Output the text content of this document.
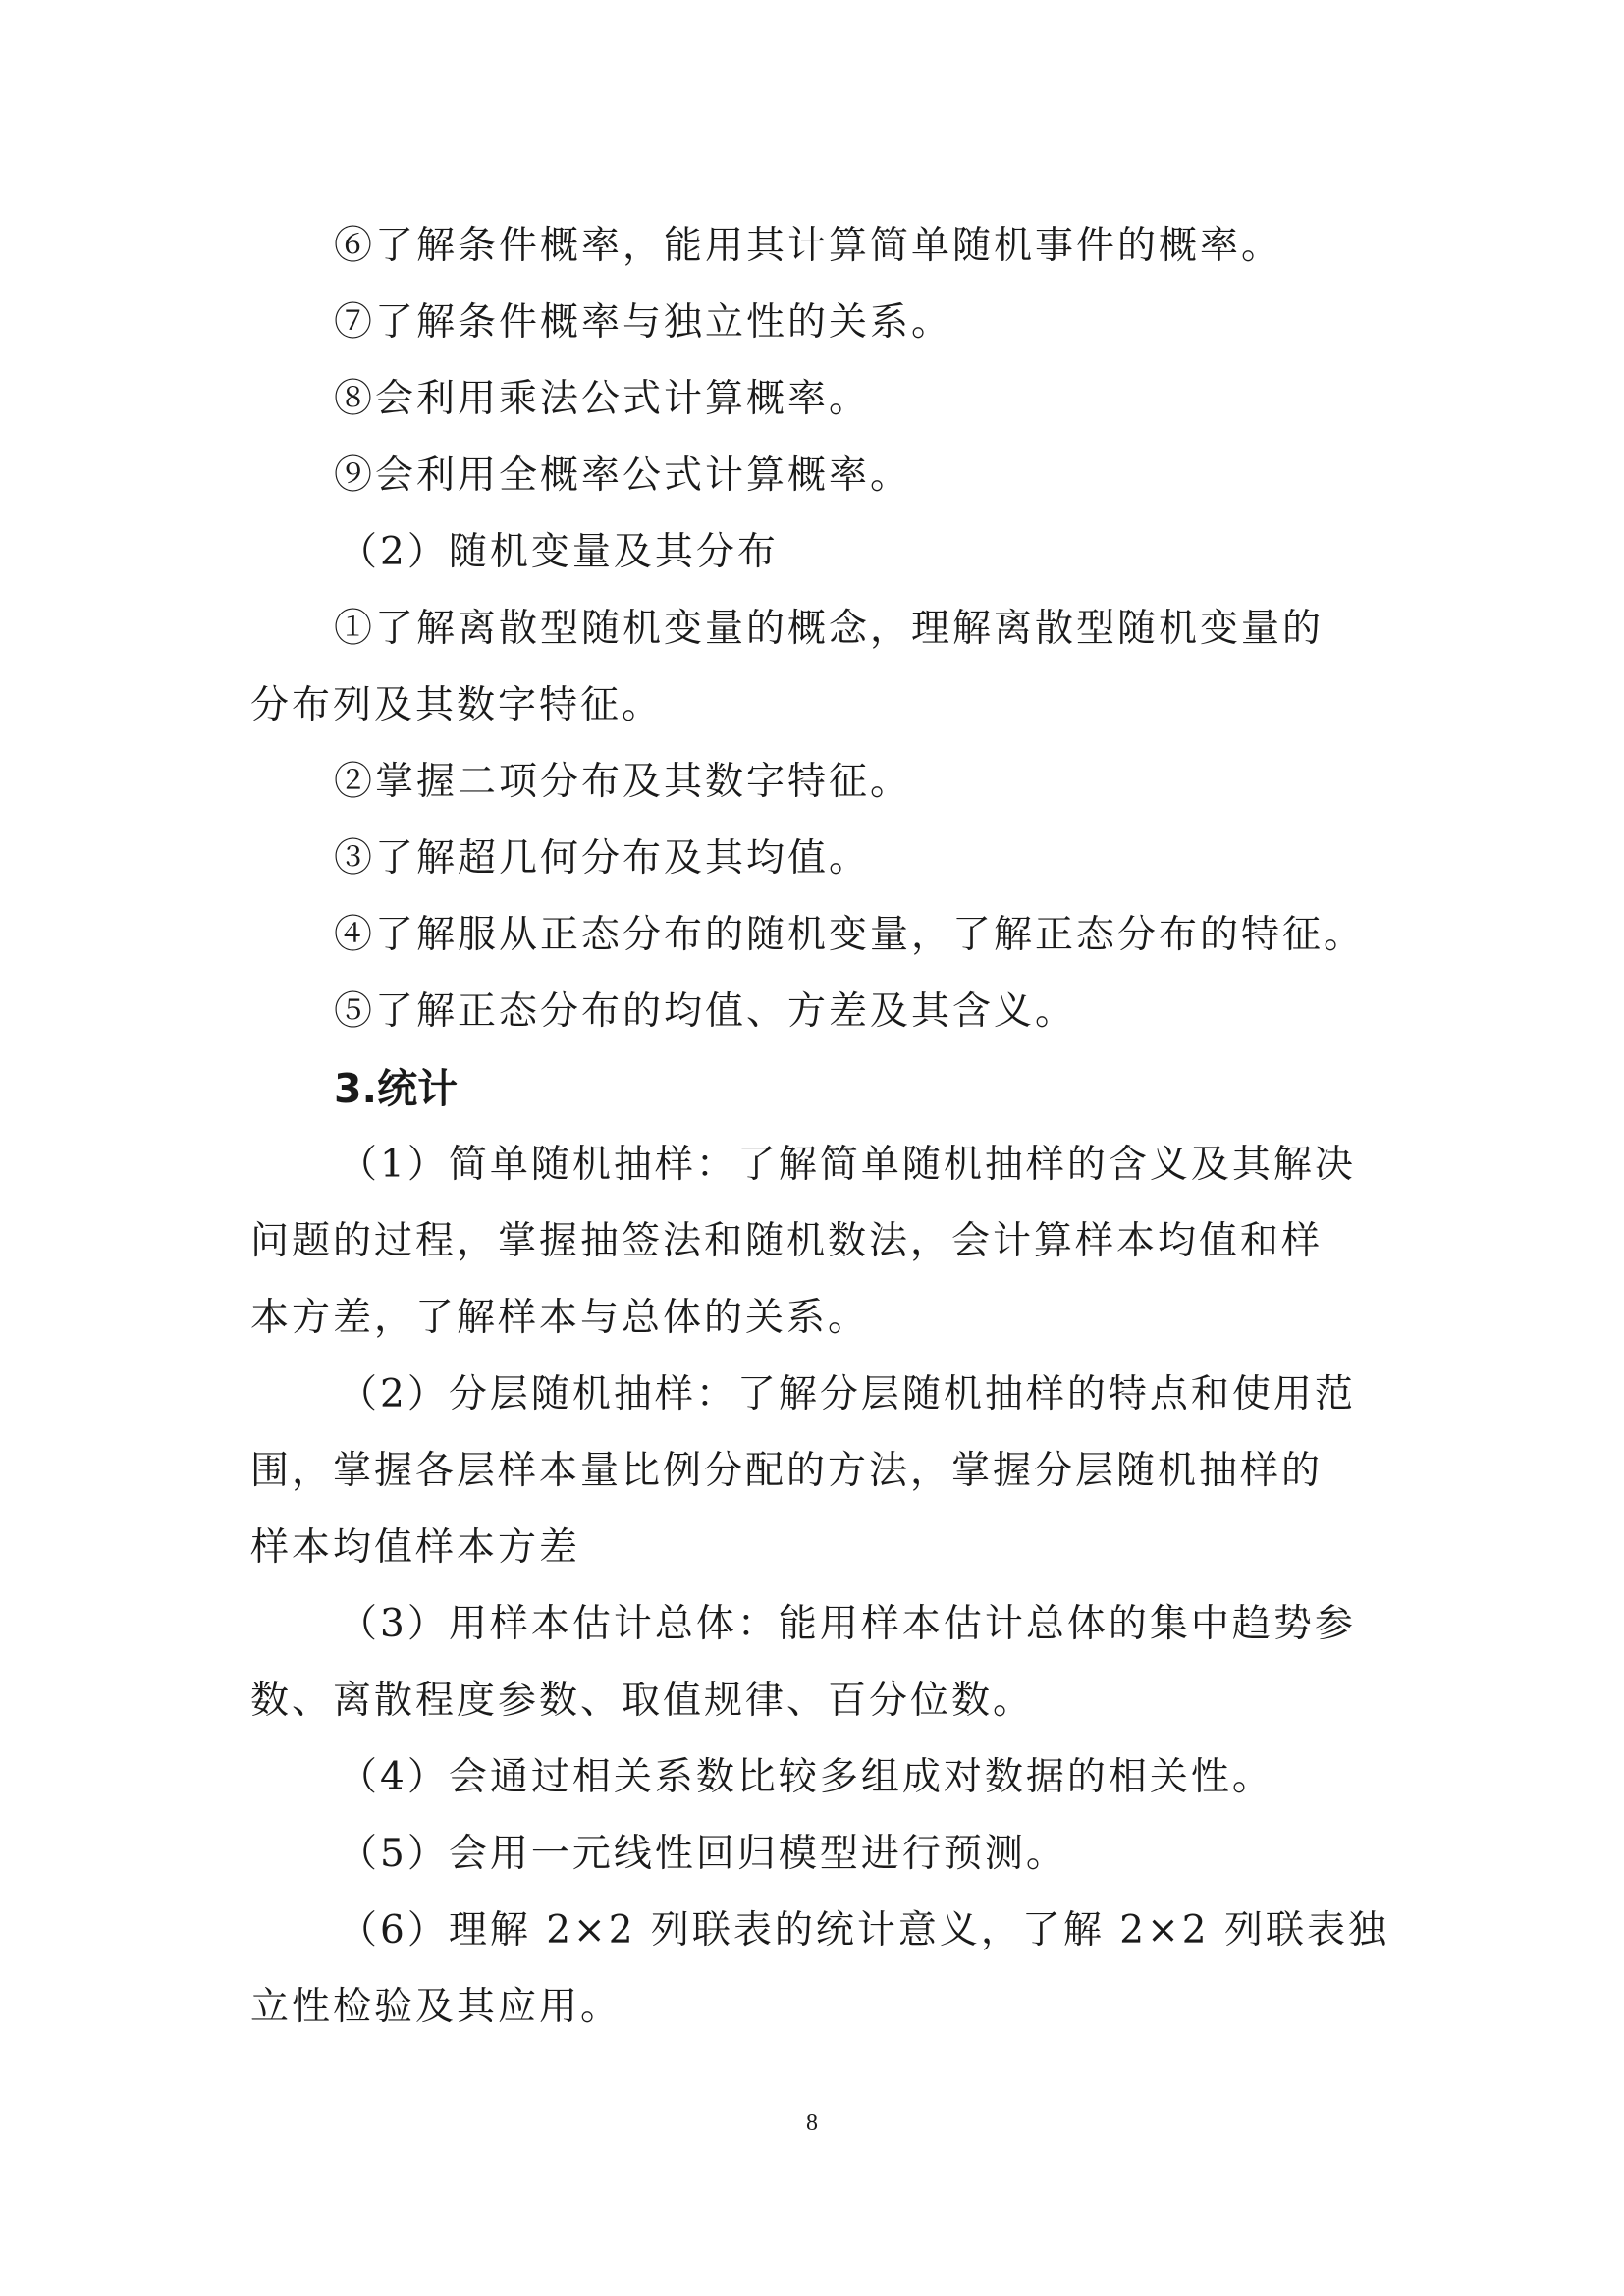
⑥了解条件概率，能用其计算简单随机事件的概率。

⑦了解条件概率与独立性的关系。

⑧会利用乘法公式计算概率。

⑨会利用全概率公式计算概率。

（2）随机变量及其分布

①了解离散型随机变量的概念，理解离散型随机变量的

分布列及其数字特征。

②掌握二项分布及其数字特征。

③了解超几何分布及其均值。

④了解服从正态分布的随机变量，了解正态分布的特征。

⑤了解正态分布的均值、方差及其含义。

3.统计

（1）简单随机抽样：了解简单随机抽样的含义及其解决

问题的过程，掌握抽签法和随机数法，会计算样本均值和样

本方差，了解样本与总体的关系。

（2）分层随机抽样：了解分层随机抽样的特点和使用范

围，掌握各层样本量比例分配的方法，掌握分层随机抽样的

样本均值样本方差

（3）用样本估计总体：能用样本估计总体的集中趋势参

数、离散程度参数、取值规律、百分位数。

（4）会通过相关系数比较多组成对数据的相关性。

（5）会用一元线性回归模型进行预测。

（6）理解 2×2 列联表的统计意义，了解 2×2 列联表独

立性检验及其应用。

8
